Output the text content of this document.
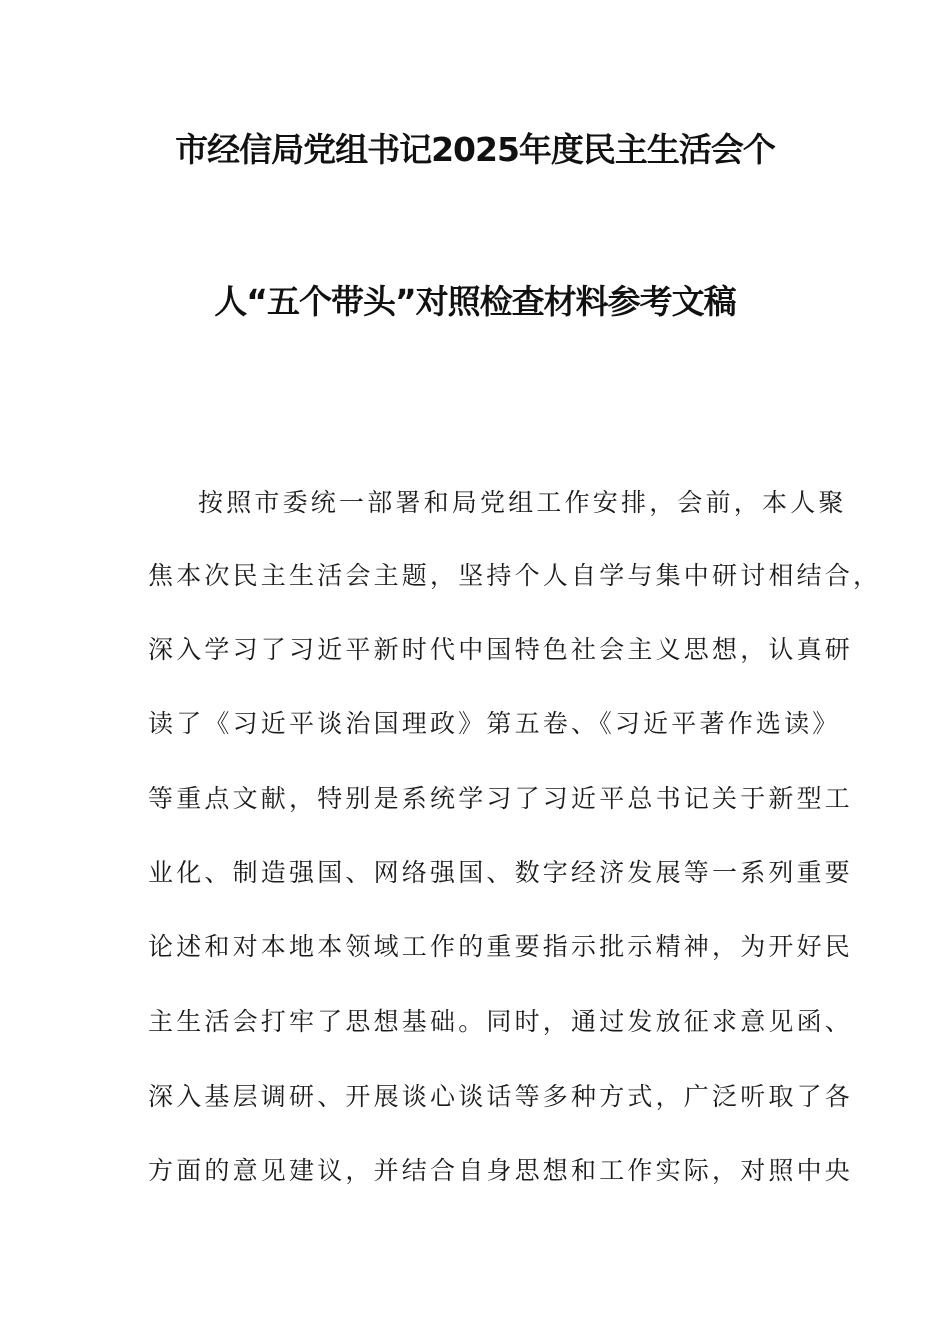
市经信局党组书记2025年度民主生活会个
人“五个带头”对照检查材料参考文稿
按照市委统一部署和局党组工作安排，会前，本人聚
焦本次民主生活会主题，坚持个人自学与集中研讨相结合，
深入学习了习近平新时代中国特色社会主义思想，认真研
读了《习近平谈治国理政》第五卷、《习近平著作选读》
等重点文献，特别是系统学习了习近平总书记关于新型工
业化、制造强国、网络强国、数字经济发展等一系列重要
论述和对本地本领域工作的重要指示批示精神，为开好民
主生活会打牢了思想基础。同时，通过发放征求意见函、
深入基层调研、开展谈心谈话等多种方式，广泛听取了各
方面的意见建议，并结合自身思想和工作实际，对照中央
